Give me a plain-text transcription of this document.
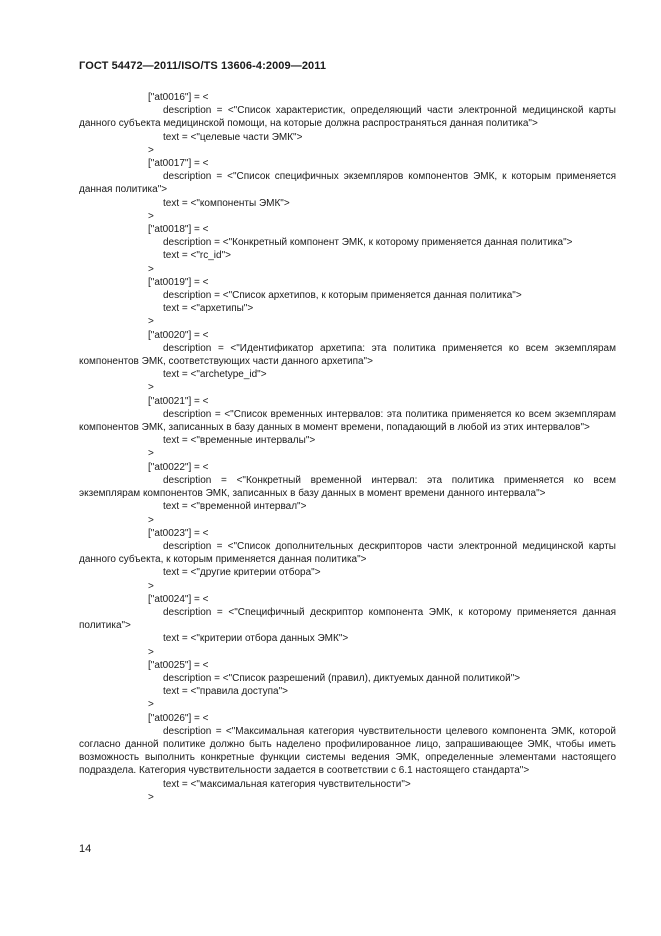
ГОСТ 54472—2011/ISO/TS 13606-4:2009—2011
["at0016"] = <
description = <"Список характеристик, определяющий части электронной медицинской карты данного субъекта медицинской помощи, на которые должна распространяться данная политика">
text = <"целевые части ЭМК">
>
["at0017"] = <
description = <"Список специфичных экземпляров компонентов ЭМК, к которым применяется данная политика">
text = <"компоненты ЭМК">
>
["at0018"] = <
description = <"Конкретный компонент ЭМК, к которому применяется данная политика">
text = <"rc_id">
>
["at0019"] = <
description = <"Список архетипов, к которым применяется данная политика">
text = <"архетипы">
>
["at0020"] = <
description = <"Идентификатор архетипа: эта политика применяется ко всем экземплярам компонентов ЭМК, соответствующих части данного архетипа">
text = <"archetype_id">
>
["at0021"] = <
description = <"Список временных интервалов: эта политика применяется ко всем экземплярам компонентов ЭМК, записанных в базу данных в момент времени, попадающий в любой из этих интервалов">
text = <"временные интервалы">
>
["at0022"] = <
description = <"Конкретный временной интервал: эта политика применяется ко всем экземплярам компонентов ЭМК, записанных в базу данных в момент времени данного интервала">
text = <"временной интервал">
>
["at0023"] = <
description = <"Список дополнительных дескрипторов части электронной медицинской карты данного субъекта, к которым применяется данная политика">
text = <"другие критерии отбора">
>
["at0024"] = <
description = <"Специфичный дескриптор компонента ЭМК, к которому применяется данная политика">
text = <"критерии отбора данных ЭМК">
>
["at0025"] = <
description = <"Список разрешений (правил), диктуемых данной политикой">
text = <"правила доступа">
>
["at0026"] = <
description = <"Максимальная категория чувствительности целевого компонента ЭМК, которой согласно данной политике должно быть наделено профилированное лицо, запрашивающее ЭМК, чтобы иметь возможность выполнить конкретные функции системы ведения ЭМК, определенные элементами настоящего подраздела. Категория чувствительности задается в соответствии с 6.1 настоящего стандарта">
text = <"максимальная категория чувствительности">
>
14
